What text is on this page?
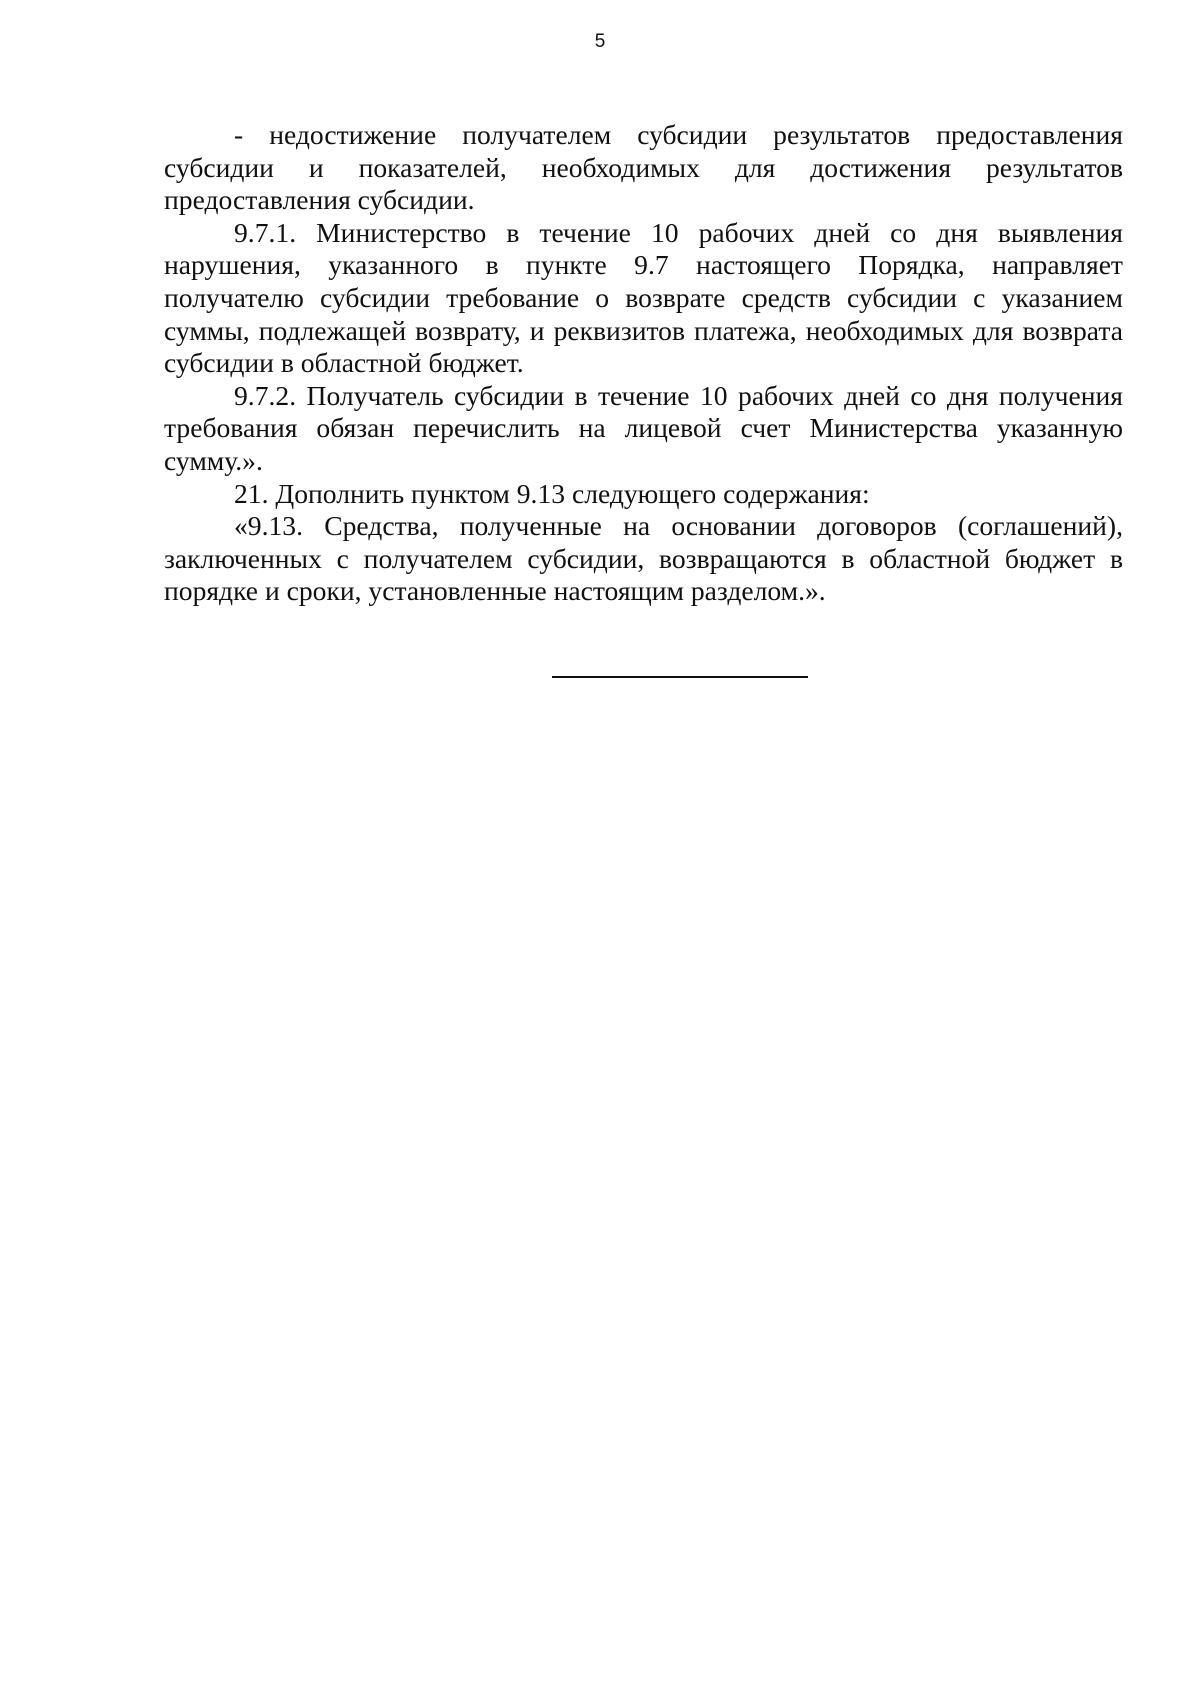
5

- недостижение получателем субсидии результатов предоставления субсидии и показателей, необходимых для достижения результатов предоставления субсидии.

9.7.1. Министерство в течение 10 рабочих дней со дня выявления нарушения, указанного в пункте 9.7 настоящего Порядка, направляет получателю субсидии требование о возврате средств субсидии с указанием суммы, подлежащей возврату, и реквизитов платежа, необходимых для возврата субсидии в областной бюджет.

9.7.2. Получатель субсидии в течение 10 рабочих дней со дня получения требования обязан перечислить на лицевой счет Министерства указанную сумму.».

21. Дополнить пунктом 9.13 следующего содержания:

«9.13. Средства, полученные на основании договоров (соглашений), заключенных с получателем субсидии, возвращаются в областной бюджет в порядке и сроки, установленные настоящим разделом.».
